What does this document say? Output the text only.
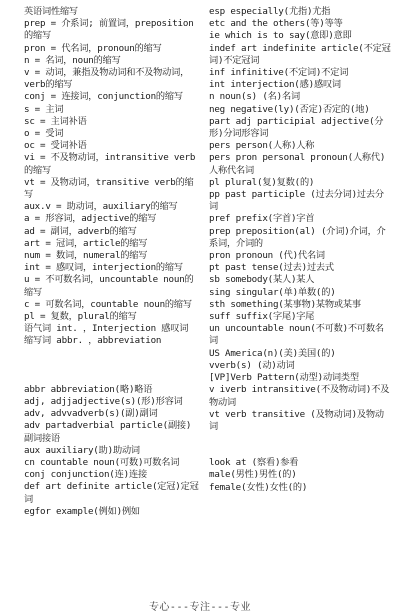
英语词性缩写
prep = 介系词; 前置词，preposition的缩写
pron = 代名词，pronoun的缩写
n = 名词，noun的缩写
v = 动词，兼指及物动词和不及物动词，verb的缩写
conj = 连接词，conjunction的缩写
s = 主词
sc = 主词补语
o = 受词
oc = 受词补语
vi = 不及物动词，intransitive verb的缩写
vt = 及物动词，transitive verb的缩写
aux.v = 助动词，auxiliary的缩写
a = 形容词，adjective的缩写
ad = 副词，adverb的缩写
art = 冠词，article的缩写
num = 数词，numeral的缩写
int = 感叹词，interjection的缩写
u = 不可数名词，uncountable noun的缩写
c = 可数名词，countable noun的缩写
pl = 复数，plural的缩写
语气词 int. ，Interjection 感叹词
缩写词 abbr. ，abbreviation
abbr abbreviation(略)略语
adj, adjjadjective(s)(形)形容词
adv, advvadverb(s)(副)副词
adv partadverbial particle(副接)副词接语
aux auxiliary(助)助动词
cn countable noun(可数)可数名词
conj conjunction(连)连接
def art definite article(定冠)定冠词
egfor example(例如)例如
esp especially(尤指)尤指
etc and the others(等)等等
ie which is to say(意即)意即
indef art indefinite article(不定冠词)不定冠词
inf infinitive(不定词)不定词
int interjection(感)感叹词
n noun(s) (名)名词
neg negative(ly)(否定)否定的(地)
part adj participial adjective(分形)分词形容词
pers person(人称)人称
pers pron personal pronoun(人称代)人称代名词
pl plural(复)复数(的)
pp past participle (过去分词)过去分词
pref prefix(字首)字首
prep preposition(al) (介词)介词，介系词，介词的
pron pronoun (代)代名词
pt past tense(过去)过去式
sb somebody(某人)某人
sing singular(单)单数(的)
sth something(某事物)某物或某事
suff suffix(字尾)字尾
un uncountable noun(不可数)不可数名词
US America(n)(美)美国(的)
vverb(s) (动)动词
[VP]Verb Pattern(动型)动词类型
v iverb intransitive(不及物动词)不及物动词
vt verb transitive (及物动词)及物动词
look at (察看)参看
male(男性)男性(的)
female(女性)女性(的)
专心---专注---专业
